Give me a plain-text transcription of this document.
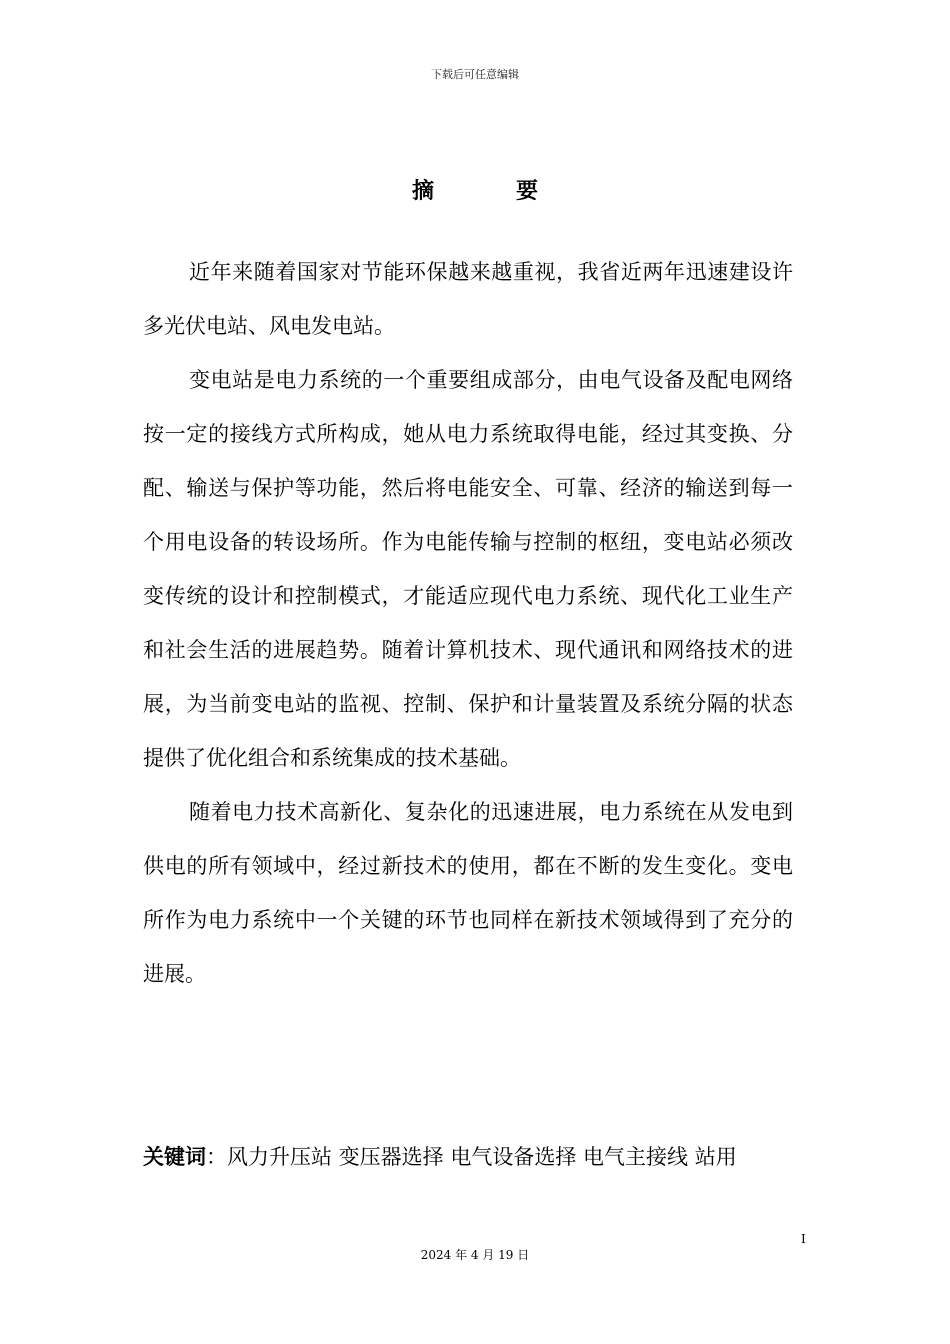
下载后可任意编辑
摘　要

近年来随着国家对节能环保越来越重视，我省近两年迅速建设许多光伏电站、风电发电站。

变电站是电力系统的一个重要组成部分，由电气设备及配电网络按一定的接线方式所构成，她从电力系统取得电能，经过其变换、分配、输送与保护等功能，然后将电能安全、可靠、经济的输送到每一个用电设备的转设场所。作为电能传输与控制的枢纽，变电站必须改变传统的设计和控制模式，才能适应现代电力系统、现代化工业生产和社会生活的进展趋势。随着计算机技术、现代通讯和网络技术的进展，为当前变电站的监视、控制、保护和计量装置及系统分隔的状态提供了优化组合和系统集成的技术基础。

随着电力技术高新化、复杂化的迅速进展，电力系统在从发电到供电的所有领域中，经过新技术的使用，都在不断的发生变化。变电所作为电力系统中一个关键的环节也同样在新技术领域得到了充分的进展。

关键词：风力升压站 变压器选择 电气设备选择 电气主接线 站用
I
2024 年 4 月 19 日
